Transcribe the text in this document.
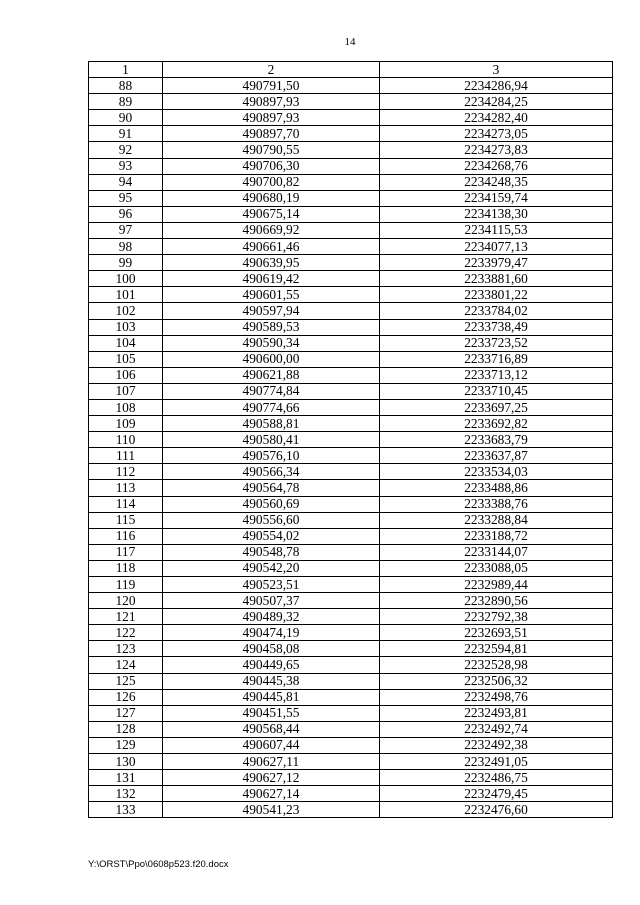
14
1	2	3
88	490791,50	2234286,94
89	490897,93	2234284,25
90	490897,93	2234282,40
91	490897,70	2234273,05
92	490790,55	2234273,83
93	490706,30	2234268,76
94	490700,82	2234248,35
95	490680,19	2234159,74
96	490675,14	2234138,30
97	490669,92	2234115,53
98	490661,46	2234077,13
99	490639,95	2233979,47
100	490619,42	2233881,60
101	490601,55	2233801,22
102	490597,94	2233784,02
103	490589,53	2233738,49
104	490590,34	2233723,52
105	490600,00	2233716,89
106	490621,88	2233713,12
107	490774,84	2233710,45
108	490774,66	2233697,25
109	490588,81	2233692,82
110	490580,41	2233683,79
111	490576,10	2233637,87
112	490566,34	2233534,03
113	490564,78	2233488,86
114	490560,69	2233388,76
115	490556,60	2233288,84
116	490554,02	2233188,72
117	490548,78	2233144,07
118	490542,20	2233088,05
119	490523,51	2232989,44
120	490507,37	2232890,56
121	490489,32	2232792,38
122	490474,19	2232693,51
123	490458,08	2232594,81
124	490449,65	2232528,98
125	490445,38	2232506,32
126	490445,81	2232498,76
127	490451,55	2232493,81
128	490568,44	2232492,74
129	490607,44	2232492,38
130	490627,11	2232491,05
131	490627,12	2232486,75
132	490627,14	2232479,45
133	490541,23	2232476,60
Y:\ORST\Ppo\0608p523.f20.docx
